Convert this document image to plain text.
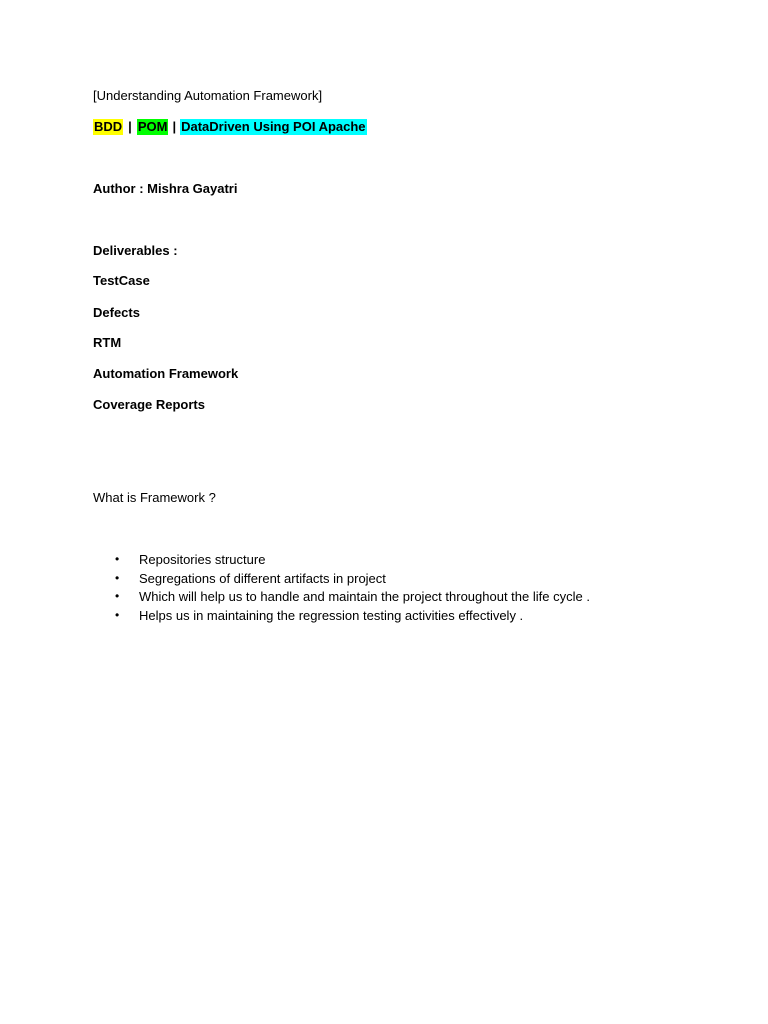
[Understanding Automation Framework]
BDD | POM | DataDriven Using POI Apache
Author : Mishra Gayatri
Deliverables :
TestCase
Defects
RTM
Automation Framework
Coverage Reports
What is Framework ?
• Repositories structure
• Segregations of different artifacts in project
• Which will help us to handle and maintain the project throughout the life cycle .
• Helps us in maintaining the regression testing activities effectively .
